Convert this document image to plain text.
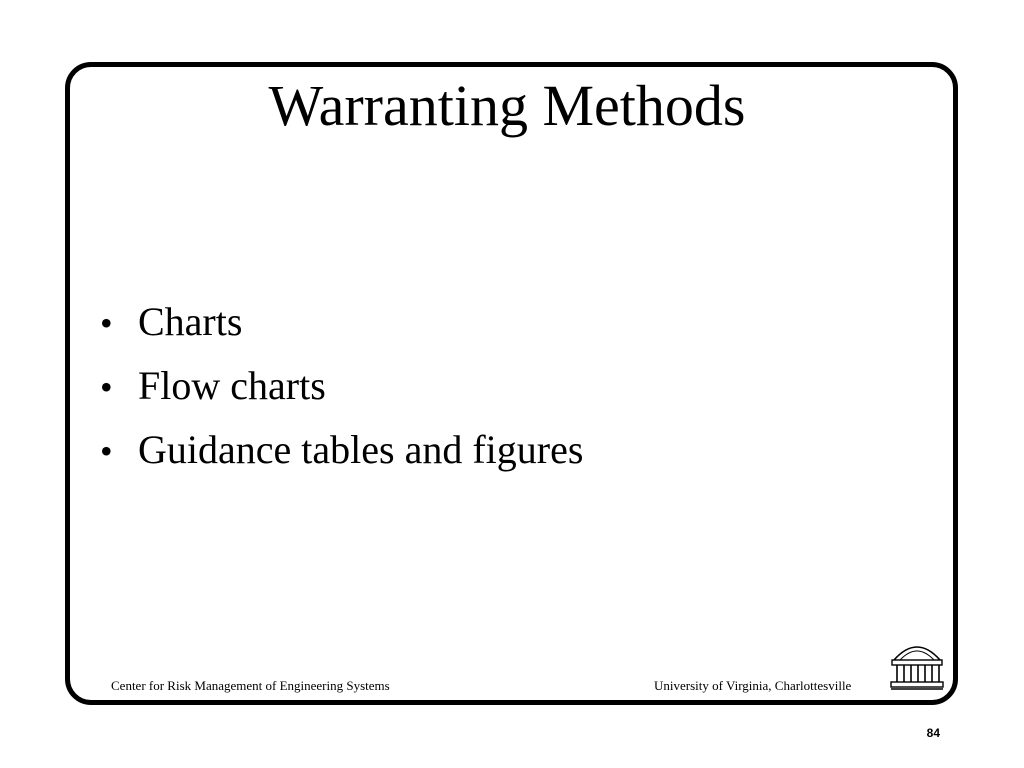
Warranting Methods
• Charts
• Flow charts
• Guidance tables and figures
Center for Risk Management of Engineering Systems	University of Virginia, Charlottesville
84
